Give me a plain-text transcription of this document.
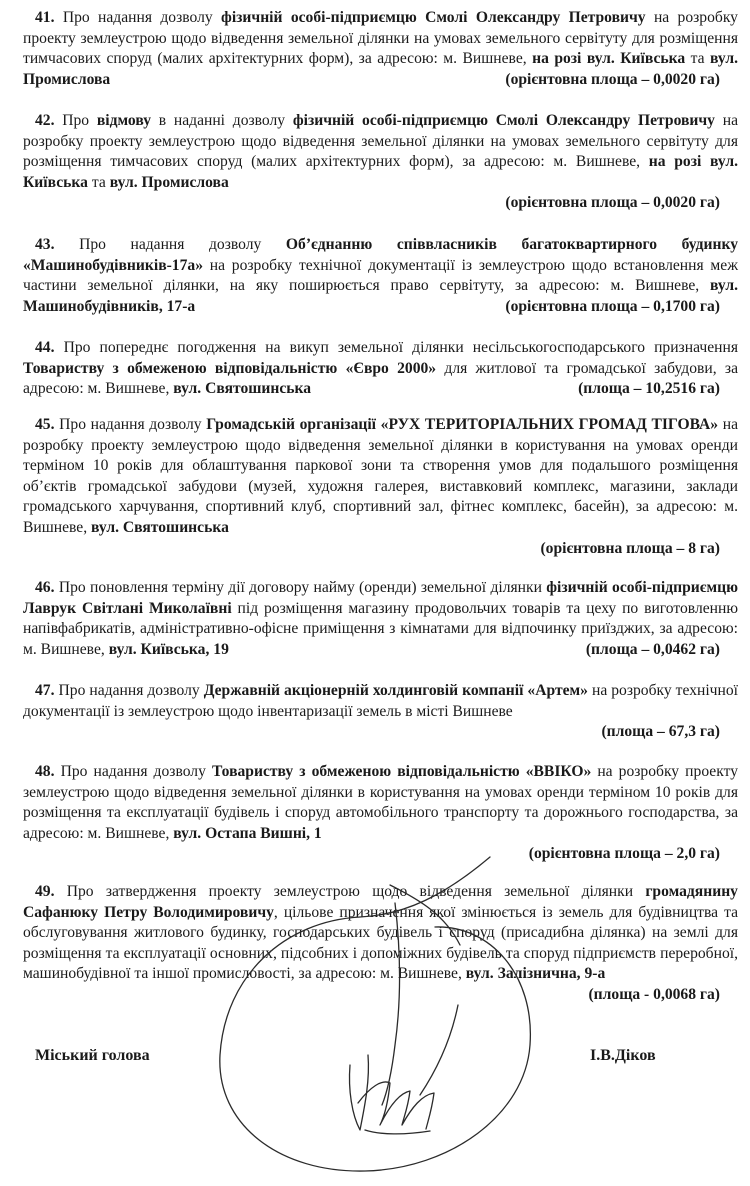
41. Про надання дозволу фізичній особі-підприємцю Смолі Олександру Петровичу на розробку проекту землеустрою щодо відведення земельної ділянки на умовах земельного сервітуту для розміщення тимчасових споруд (малих архітектурних форм), за адресою: м. Вишневе, на розі вул. Київська та вул. Промислова	(орієнтовна площа – 0,0020 га)

42. Про відмову в наданні дозволу фізичній особі-підприємцю Смолі Олександру Петровичу на розробку проекту землеустрою щодо відведення земельної ділянки на умовах земельного сервітуту для розміщення тимчасових споруд (малих архітектурних форм), за адресою: м. Вишневе, на розі вул. Київська та вул. Промислова

(орієнтовна площа – 0,0020 га)

43. Про надання дозволу Об’єднанню співвласників багатоквартирного будинку «Машинобудівників-17а» на розробку технічної документації із землеустрою щодо встановлення меж частини земельної ділянки, на яку поширюється право сервітуту, за адресою: м. Вишневе, вул. Машинобудівників, 17-а	(орієнтовна площа – 0,1700 га)

44. Про попереднє погодження на викуп земельної ділянки несільськогосподарського призначення Товариству з обмеженою відповідальністю «Євро 2000» для житлової та громадської забудови, за адресою: м. Вишневе, вул. Святошинська	(площа – 10,2516 га)

45. Про надання дозволу Громадській організації «РУХ ТЕРИТОРІАЛЬНИХ ГРОМАД ТІГОВА» на розробку проекту землеустрою щодо відведення земельної ділянки в користування на умовах оренди терміном 10 років для облаштування паркової зони та створення умов для подальшого розміщення об’єктів громадської забудови (музей, художня галерея, виставковий комплекс, магазини, заклади громадського харчування, спортивний клуб, спортивний зал, фітнес комплекс, басейн), за адресою: м. Вишневе, вул. Святошинська

(орієнтовна площа – 8 га)

46. Про поновлення терміну дії договору найму (оренди) земельної ділянки фізичній особі-підприємцю Лаврук Світлані Миколаївні під розміщення магазину продовольчих товарів та цеху по виготовленню напівфабрикатів, адміністративно-офісне приміщення з кімнатами для відпочинку приїзджих, за адресою: м. Вишневе, вул. Київська, 19	(площа – 0,0462 га)

47. Про надання дозволу Державній акціонерній холдинговій компанії «Артем» на розробку технічної документації із землеустрою щодо інвентаризації земель в місті Вишневе

(площа – 67,3 га)

48. Про надання дозволу Товариству з обмеженою відповідальністю «ВВІКО» на розробку проекту землеустрою щодо відведення земельної ділянки в користування на умовах оренди терміном 10 років для розміщення та експлуатації будівель і споруд автомобільного транспорту та дорожнього господарства, за адресою: м. Вишневе, вул. Остапа Вишні, 1

(орієнтовна площа – 2,0 га)

49. Про затвердження проекту землеустрою щодо відведення земельної ділянки громадянину Сафанюку Петру Володимировичу, цільове призначення якої змінюється із земель для будівництва та обслуговування житлового будинку, господарських будівель і споруд (присадибна ділянка) на землі для розміщення та експлуатації основних, підсобних і допоміжних будівель та споруд підприємств переробної, машинобудівної та іншої промисловості, за адресою: м. Вишневе, вул. Залізнична, 9-а
(площа - 0,0068 га)

Міський голова	І.В.Діков
